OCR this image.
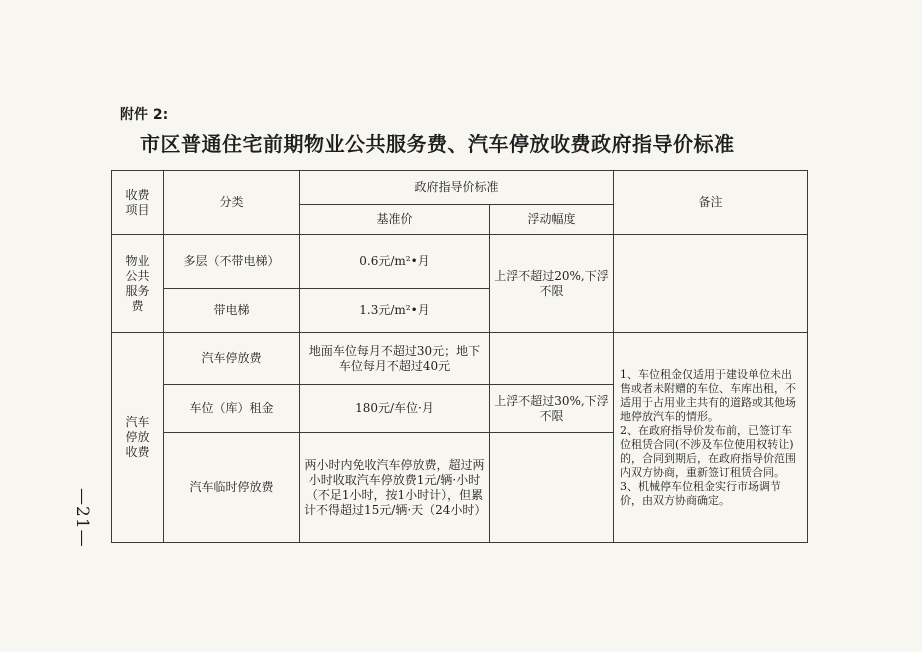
附件 2:
市区普通住宅前期物业公共服务费、汽车停放收费政府指导价标准
收费项目	分类	政府指导价标准		备注
		基准价	浮动幅度	
物业公共服务费	多层（不带电梯）	0.6元/m²•月	上浮不超过20%,下浮不限	
	带电梯	1.3元/m²•月		
汽车停放收费	汽车停放费	地面车位每月不超过30元；地下车位每月不超过40元		1、车位租金仅适用于建设单位未出售或者未附赠的车位、车库出租，不适用于占用业主共有的道路或其他场地停放汽车的情形。
2、在政府指导价发布前，已签订车位租赁合同(不涉及车位使用权转让)的，合同到期后，在政府指导价范围内双方协商，重新签订租赁合同。
3、机械停车位租金实行市场调节价，由双方协商确定。

	车位（库）租金	180元/车位·月	上浮不超过30%,下浮不限	
	汽车临时停放费	两小时内免收汽车停放费，超过两小时收取汽车停放费1元/辆·小时（不足1小时，按1小时计），但累计不得超过15元/辆·天（24小时）		
—21—
